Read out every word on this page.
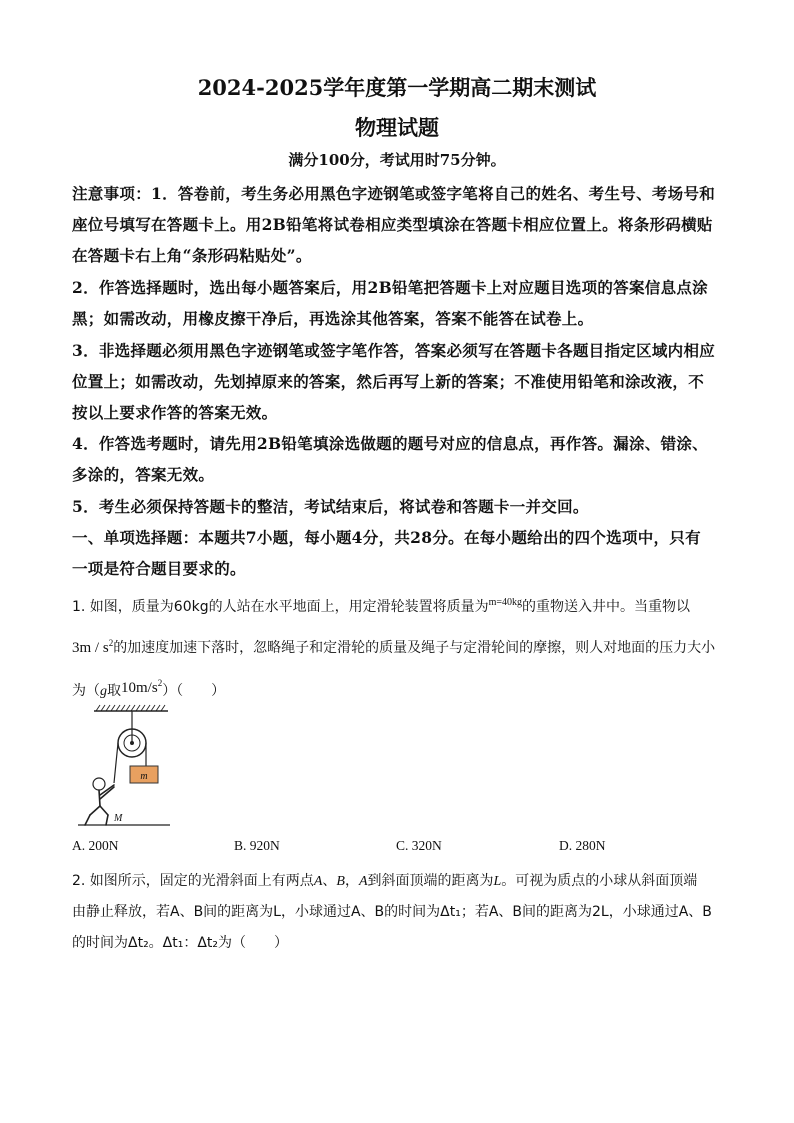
2024-2025学年度第一学期高二期末测试
物理试题
满分100分，考试用时75分钟。
注意事项：1．答卷前，考生务必用黑色字迹钢笔或签字笔将自己的姓名、考生号、考场号和
座位号填写在答题卡上。用2B铅笔将试卷相应类型填涂在答题卡相应位置上。将条形码横贴
在答题卡右上角“条形码粘贴处”。
2．作答选择题时，选出每小题答案后，用2B铅笔把答题卡上对应题目选项的答案信息点涂
黑；如需改动，用橡皮擦干净后，再选涂其他答案，答案不能答在试卷上。
3．非选择题必须用黑色字迹钢笔或签字笔作答，答案必须写在答题卡各题目指定区域内相应
位置上；如需改动，先划掉原来的答案，然后再写上新的答案；不准使用铅笔和涂改液，不
按以上要求作答的答案无效。
4．作答选考题时，请先用2B铅笔填涂选做题的题号对应的信息点，再作答。漏涂、错涂、
多涂的，答案无效。
5．考生必须保持答题卡的整洁，考试结束后，将试卷和答题卡一并交回。
一、单项选择题：本题共7小题，每小题4分，共28分。在每小题给出的四个选项中，只有
一项是符合题目要求的。
1. 如图，质量为60kg的人站在水平地面上，用定滑轮装置将质量为$^{m=40kg}$的重物送入井中。当重物以
$3m / s^2$的加速度加速下落时，忽略绳子和定滑轮的质量及绳子与定滑轮间的摩擦，则人对地面的压力大小
为（g取$10m/s^2$）（　　）
m
M
A. 200N	B. 920N	C. 320N	D. 280N
2. 如图所示，固定的光滑斜面上有两点A、B，A到斜面顶端的距离为L。可视为质点的小球从斜面顶端
由静止释放，若A、B间的距离为L，小球通过A、B的时间为Δt₁；若A、B间的距离为2L，小球通过A、B
的时间为Δt₂。Δt₁：Δt₂为（　　）
